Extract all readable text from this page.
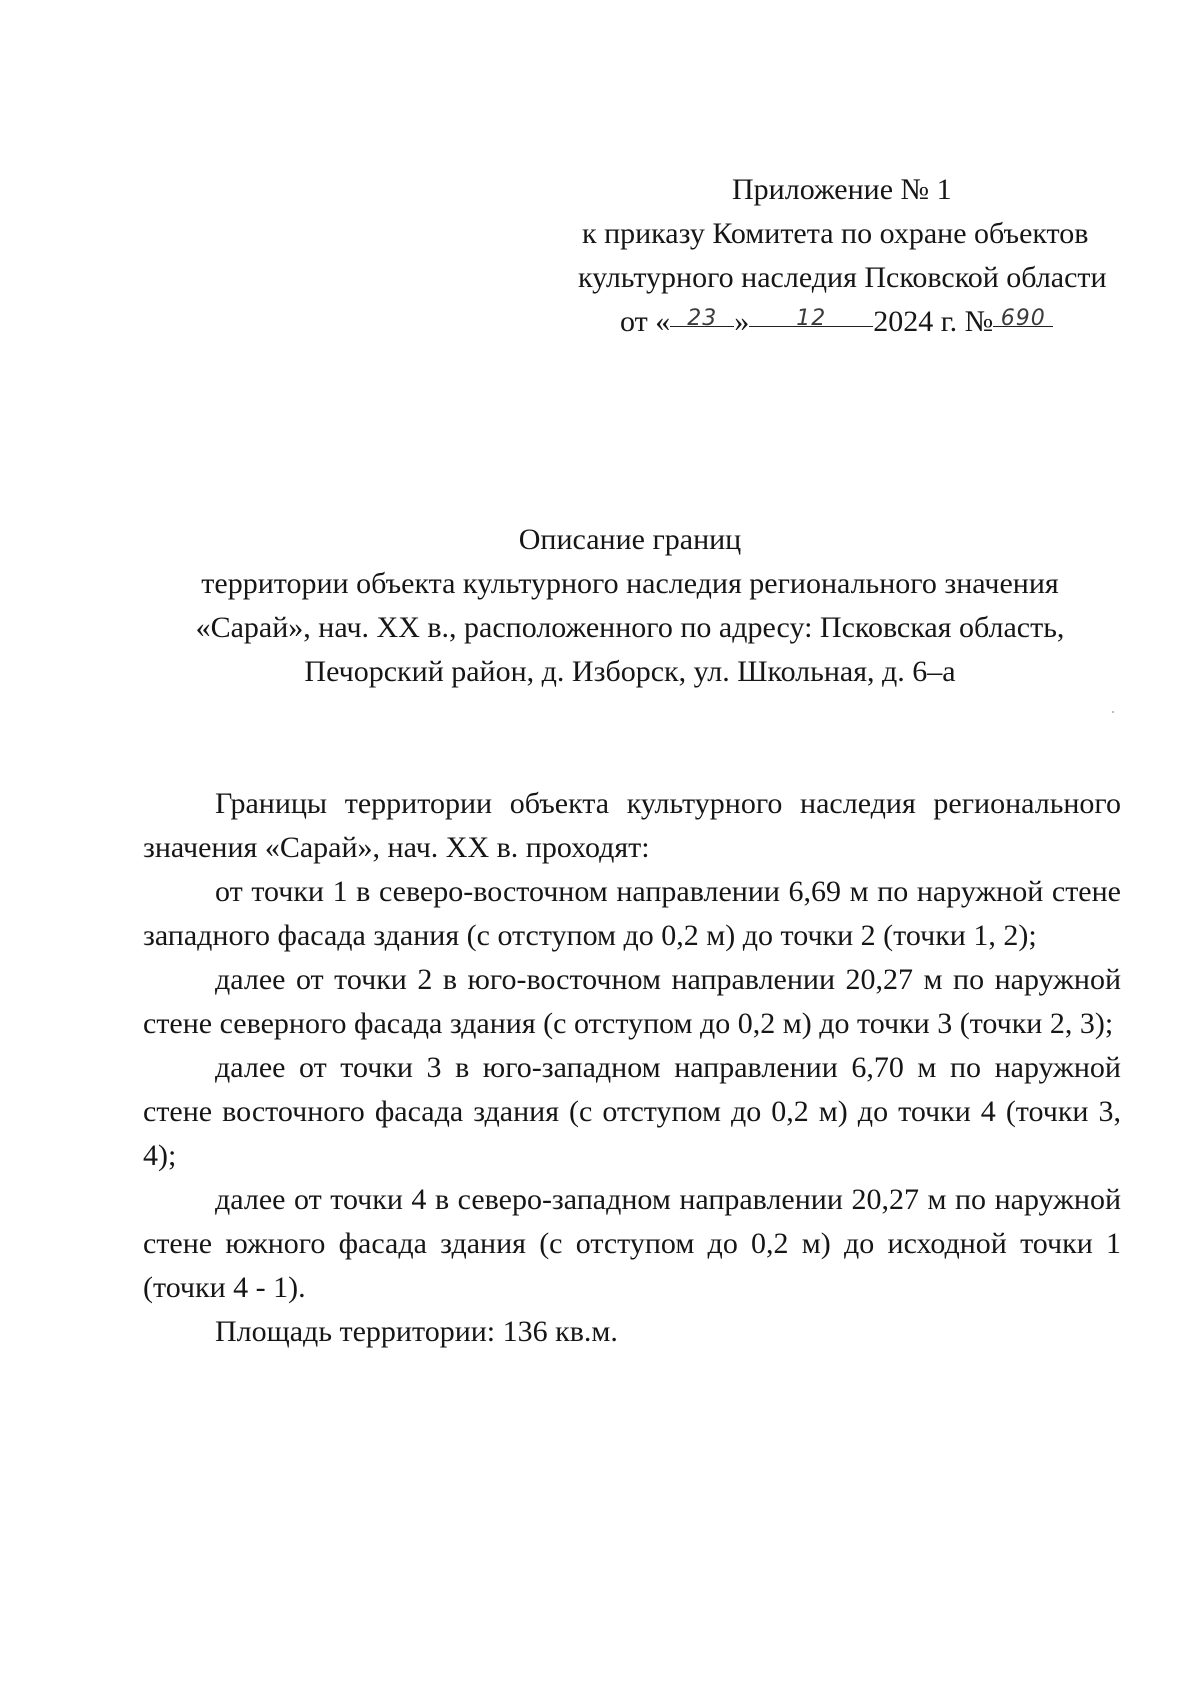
Приложение № 1
к приказу Комитета по охране объектов
культурного наследия Псковской области
от « $^{23}$ » $^{12}$ 2024 г. № $^{690}$
Описание границ
территории объекта культурного наследия регионального значения
«Сарай», нач. XX в., расположенного по адресу: Псковская область,
Печорский район, д. Изборск, ул. Школьная, д. 6–а

Границы территории объекта культурного наследия регионального значения «Сарай», нач. XX в. проходят:

от точки 1 в северо-восточном направлении 6,69 м по наружной стене западного фасада здания (с отступом до 0,2 м) до точки 2 (точки 1, 2);

далее от точки 2 в юго-восточном направлении 20,27 м по наружной стене северного фасада здания (с отступом до 0,2 м) до точки 3 (точки 2, 3);

далее от точки 3 в юго-западном направлении 6,70 м по наружной стене восточного фасада здания (с отступом до 0,2 м) до точки 4 (точки 3, 4);

далее от точки 4 в северо-западном направлении 20,27 м по наружной стене южного фасада здания (с отступом до 0,2 м) до исходной точки 1 (точки 4 - 1).

Площадь территории: 136 кв.м.
